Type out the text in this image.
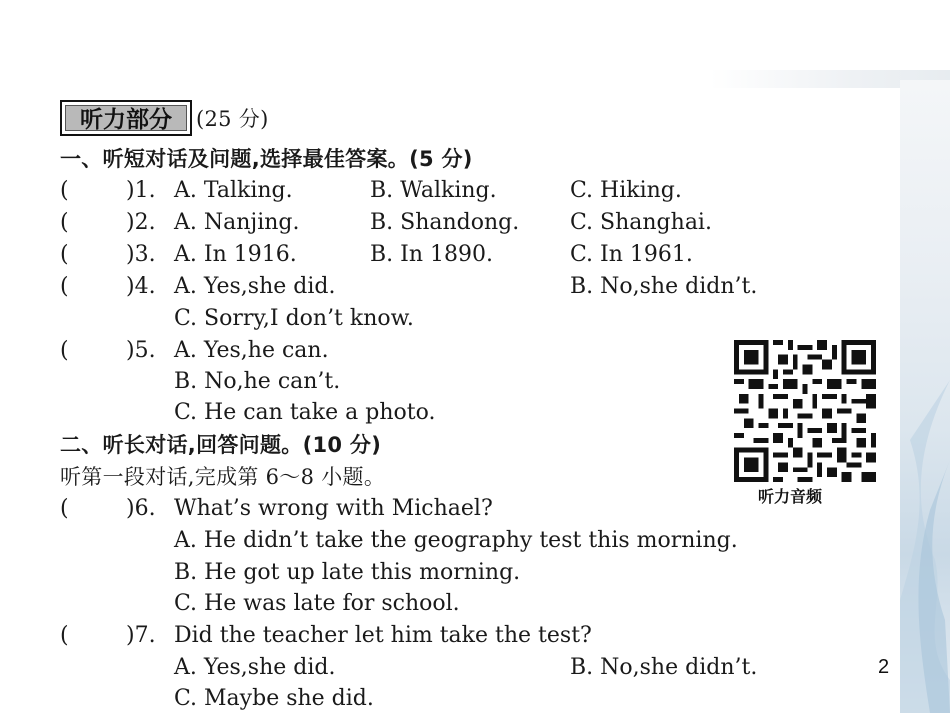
听力部分	(25 分)
一、听短对话及问题,选择最佳答案。(5 分)
(	)1. A. Talking.	B. Walking.	C. Hiking.
(	)2. A. Nanjing.	B. Shandong. C. Shanghai.
(	)3. A. In 1916.	B. In 1890.	C. In 1961.
(	)4. A. Yes,she did.	B. No,she didn’t.
C. Sorry,I don’t know.
(	)5. A. Yes,he can.
B. No,he can’t.
C. He can take a photo.
二、听长对话,回答问题。(10 分)
听第一段对话,完成第 6～8 小题。
(	)6. What’s wrong with Michael?
A. He didn’t take the geography test this morning.
B. He got up late this morning.
C. He was late for school.
(	)7. Did the teacher let him take the test?
A. Yes,she did.	B. No,she didn’t.
C. Maybe she did.
听力音频
2
